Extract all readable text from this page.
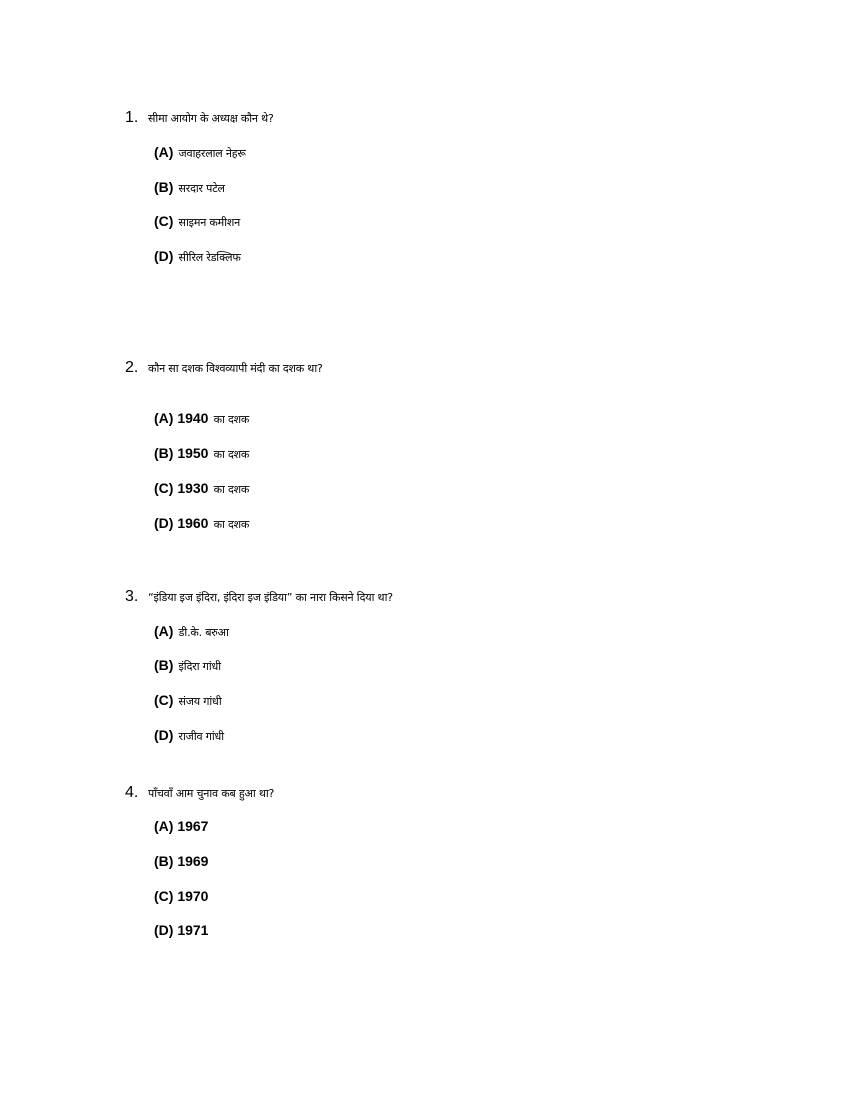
1. सीमा आयोग के अध्यक्ष कौन थे?
(A) जवाहरलाल नेहरू
(B) सरदार पटेल
(C) साइमन कमीशन
(D) सीरिल रेडक्लिफ
2. कौन सा दशक विश्वव्यापी मंदी का दशक था?
(A) 1940 का दशक
(B) 1950 का दशक
(C) 1930 का दशक
(D) 1960 का दशक
3. “इंडिया इज इंदिरा, इंदिरा इज इंडिया” का नारा किसने दिया था?
(A) डी.के. बरुआ
(B) इंदिरा गांधी
(C) संजय गांधी
(D) राजीव गांधी
4. पाँचवाँ आम चुनाव कब हुआ था?
(A) 1967
(B) 1969
(C) 1970
(D) 1971
